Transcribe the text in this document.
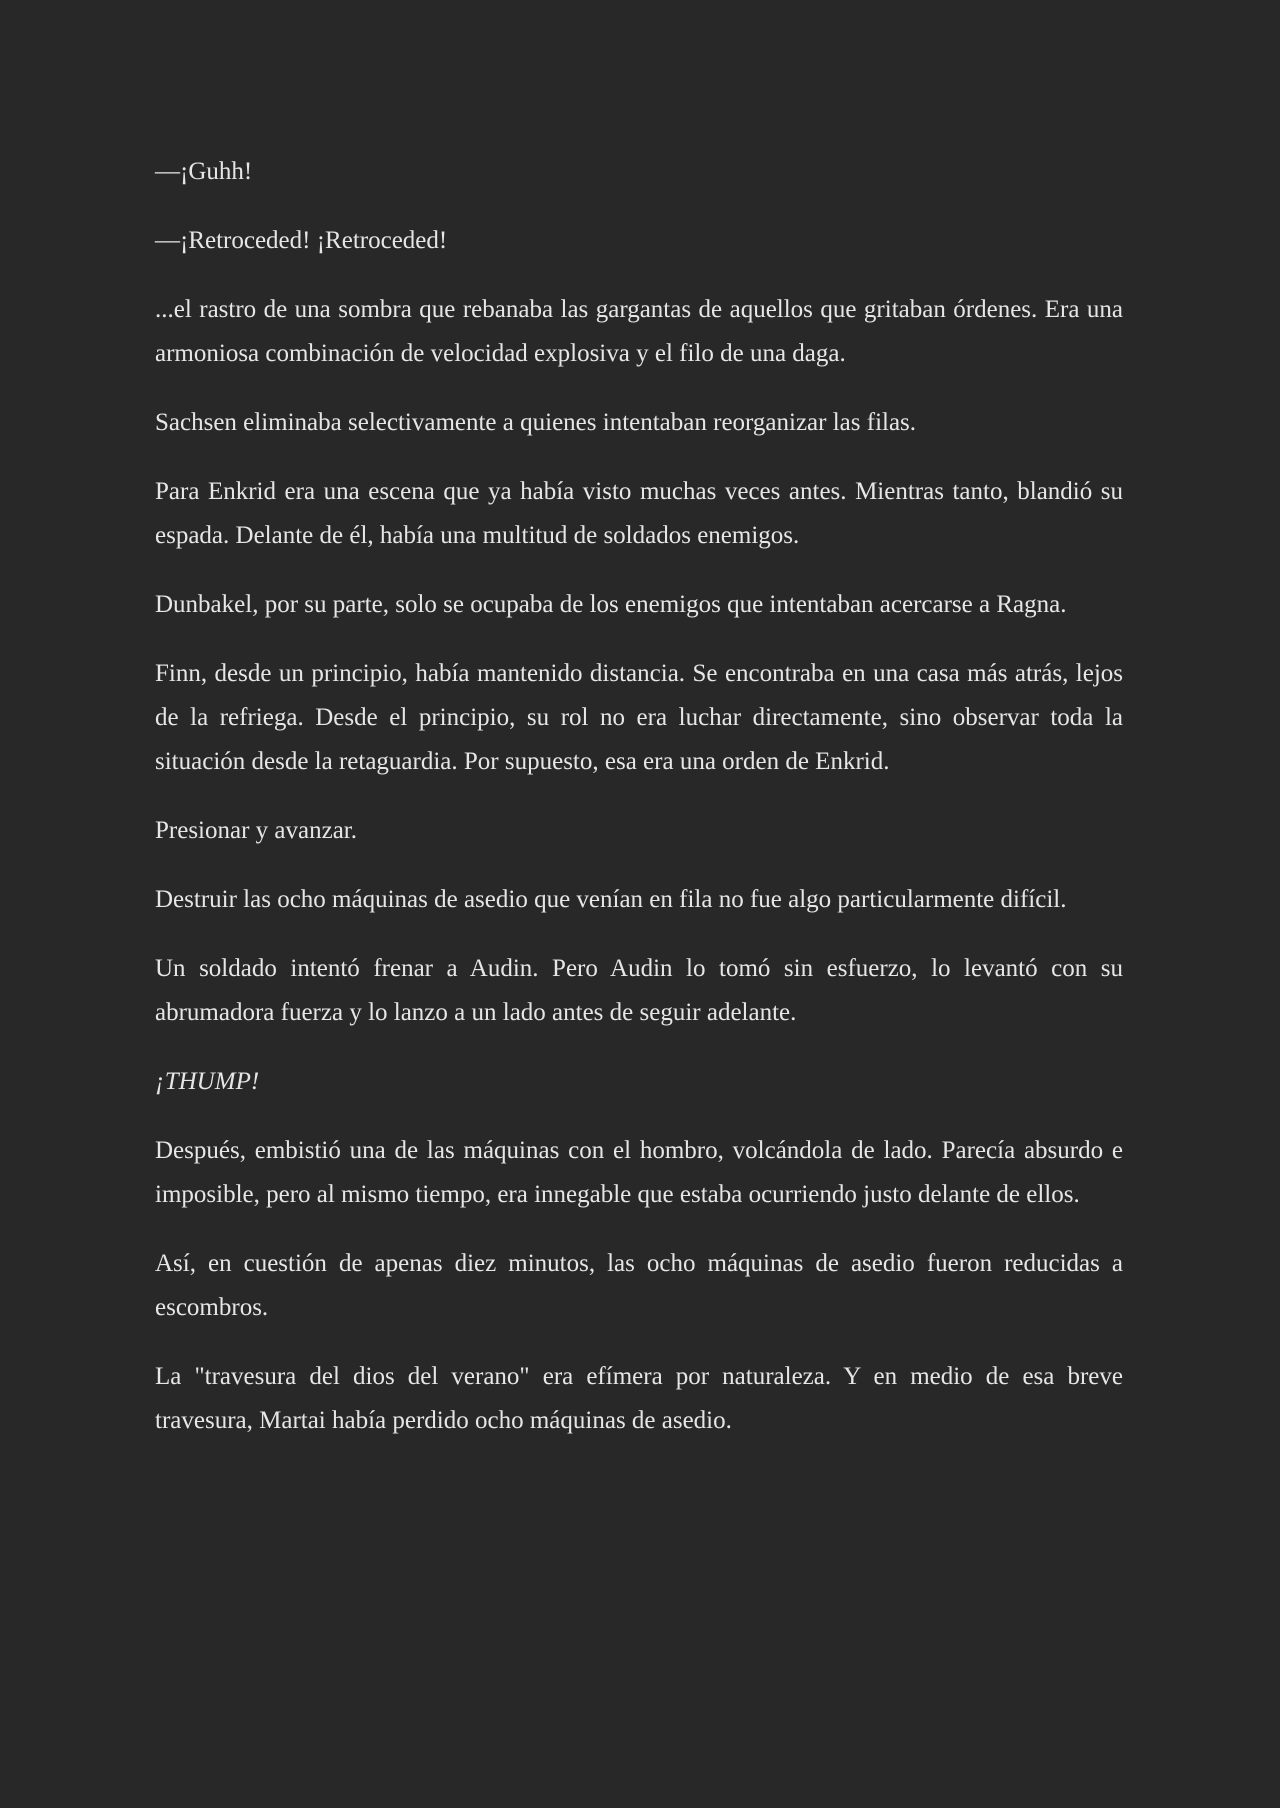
—¡Guhh!

—¡Retroceded! ¡Retroceded!

...el rastro de una sombra que rebanaba las gargantas de aquellos que gritaban órdenes. Era una armoniosa combinación de velocidad explosiva y el filo de una daga.

Sachsen eliminaba selectivamente a quienes intentaban reorganizar las filas.

Para Enkrid era una escena que ya había visto muchas veces antes. Mientras tanto, blandió su espada. Delante de él, había una multitud de soldados enemigos.

Dunbakel, por su parte, solo se ocupaba de los enemigos que intentaban acercarse a Ragna.

Finn, desde un principio, había mantenido distancia. Se encontraba en una casa más atrás, lejos de la refriega. Desde el principio, su rol no era luchar directamente, sino observar toda la situación desde la retaguardia. Por supuesto, esa era una orden de Enkrid.

Presionar y avanzar.

Destruir las ocho máquinas de asedio que venían en fila no fue algo particularmente difícil.

Un soldado intentó frenar a Audin. Pero Audin lo tomó sin esfuerzo, lo levantó con su abrumadora fuerza y lo lanzo a un lado antes de seguir adelante.

¡THUMP!

Después, embistió una de las máquinas con el hombro, volcándola de lado. Parecía absurdo e imposible, pero al mismo tiempo, era innegable que estaba ocurriendo justo delante de ellos.

Así, en cuestión de apenas diez minutos, las ocho máquinas de asedio fueron reducidas a escombros.

La "travesura del dios del verano" era efímera por naturaleza. Y en medio de esa breve travesura, Martai había perdido ocho máquinas de asedio.
